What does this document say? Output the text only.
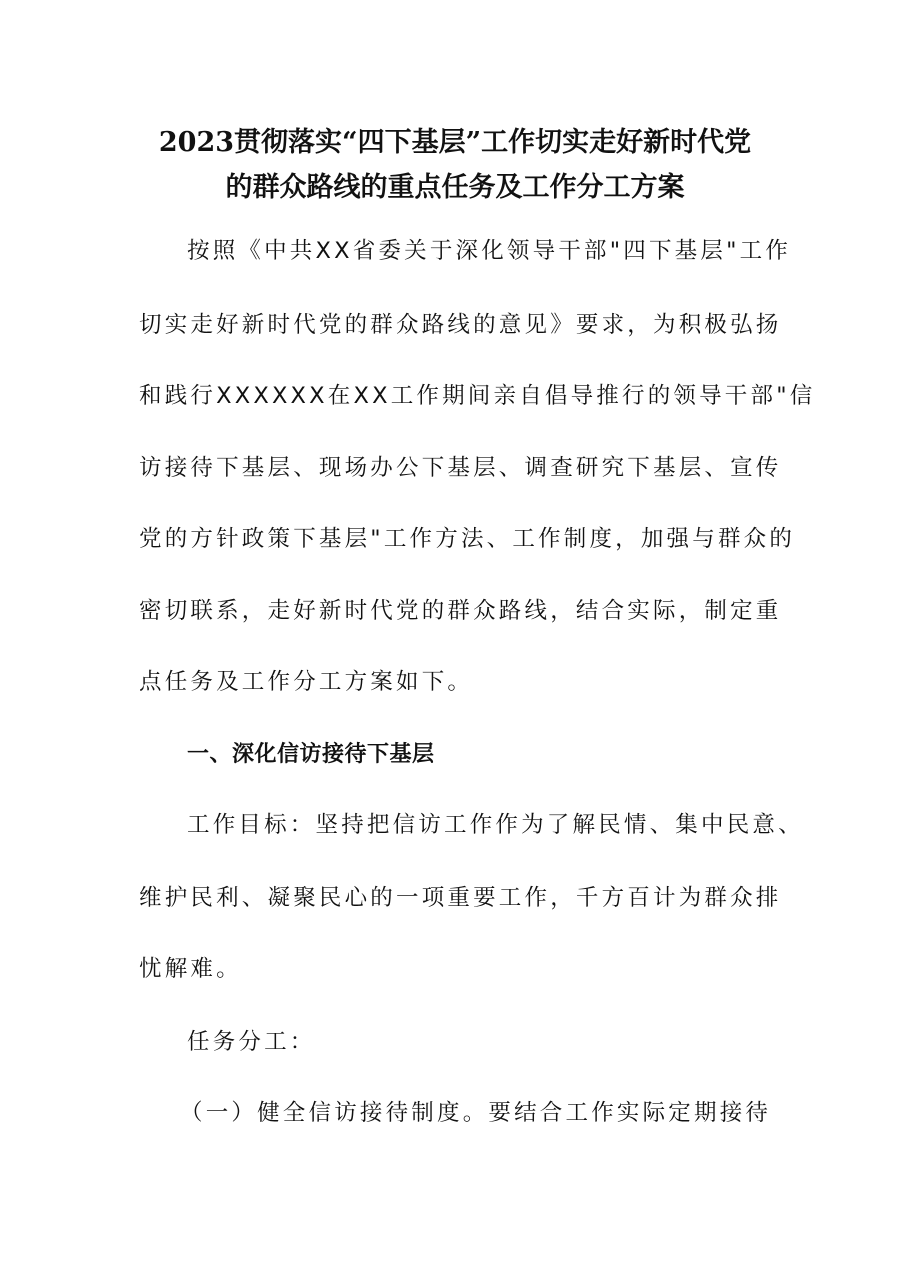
2023贯彻落实“四下基层”工作切实走好新时代党
的群众路线的重点任务及工作分工方案

按照《中共XX省委关于深化领导干部"四下基层"工作

切实走好新时代党的群众路线的意见》要求，为积极弘扬

和践行XXXXXX在XX工作期间亲自倡导推行的领导干部"信

访接待下基层、现场办公下基层、调查研究下基层、宣传

党的方针政策下基层"工作方法、工作制度，加强与群众的

密切联系，走好新时代党的群众路线，结合实际，制定重

点任务及工作分工方案如下。

一、深化信访接待下基层

工作目标：坚持把信访工作作为了解民情、集中民意、

维护民利、凝聚民心的一项重要工作，千方百计为群众排

忧解难。

任务分工：

（一）健全信访接待制度。要结合工作实际定期接待
